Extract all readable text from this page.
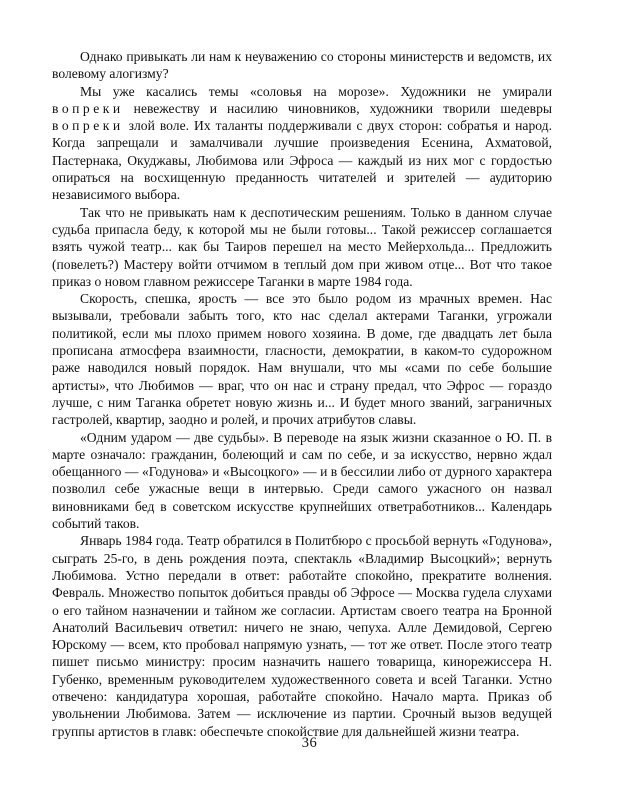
Однако привыкать ли нам к неуважению со стороны министерств и ведомств, их волевому алогизму?

Мы уже касались темы «соловья на морозе». Художники не умирали вопреки невежеству и насилию чиновников, художники творили шедевры вопреки злой воле. Их таланты поддерживали с двух сторон: собратья и народ. Когда запрещали и замалчивали лучшие произведения Есенина, Ахматовой, Пастернака, Окуджавы, Любимова или Эфроса — каждый из них мог с гордостью опираться на восхищенную преданность читателей и зрителей — аудиторию независимого выбора.

Так что не привыкать нам к деспотическим решениям. Только в данном случае судьба припасла беду, к которой мы не были готовы... Такой режиссер соглашается взять чужой театр... как бы Таиров перешел на место Мейерхольда... Предложить (повелеть?) Мастеру войти отчимом в теплый дом при живом отце... Вот что такое приказ о новом главном режиссере Таганки в марте 1984 года.

Скорость, спешка, ярость — все это было родом из мрачных времен. Нас вызывали, требовали забыть того, кто нас сделал актерами Таганки, угрожали политикой, если мы плохо примем нового хозяина. В доме, где двадцать лет была прописана атмосфера взаимности, гласности, демократии, в каком-то судорожном раже наводился новый порядок. Нам внушали, что мы «сами по себе большие артисты», что Любимов — враг, что он нас и страну предал, что Эфрос — гораздо лучше, с ним Таганка обретет новую жизнь и... И будет много званий, заграничных гастролей, квартир, заодно и ролей, и прочих атрибутов славы.

«Одним ударом — две судьбы». В переводе на язык жизни сказанное о Ю. П. в марте означало: гражданин, болеющий и сам по себе, и за искусство, нервно ждал обещанного — «Годунова» и «Высоцкого» — и в бессилии либо от дурного характера позволил себе ужасные вещи в интервью. Среди самого ужасного он назвал виновниками бед в советском искусстве крупнейших ответработников... Календарь событий таков.

Январь 1984 года. Театр обратился в Политбюро с просьбой вернуть «Годунова», сыграть 25-го, в день рождения поэта, спектакль «Владимир Высоцкий»; вернуть Любимова. Устно передали в ответ: работайте спокойно, прекратите волнения. Февраль. Множество попыток добиться правды об Эфросе — Москва гудела слухами о его тайном назначении и тайном же согласии. Артистам своего театра на Бронной Анатолий Васильевич ответил: ничего не знаю, чепуха. Алле Демидовой, Сергею Юрскому — всем, кто пробовал напрямую узнать, — тот же ответ. После этого театр пишет письмо министру: просим назначить нашего товарища, кинорежиссера Н. Губенко, временным руководителем художественного совета и всей Таганки. Устно отвечено: кандидатура хорошая, работайте спокойно. Начало марта. Приказ об увольнении Любимова. Затем — исключение из партии. Срочный вызов ведущей группы артистов в главк: обеспечьте спокойствие для дальнейшей жизни театра.

36
